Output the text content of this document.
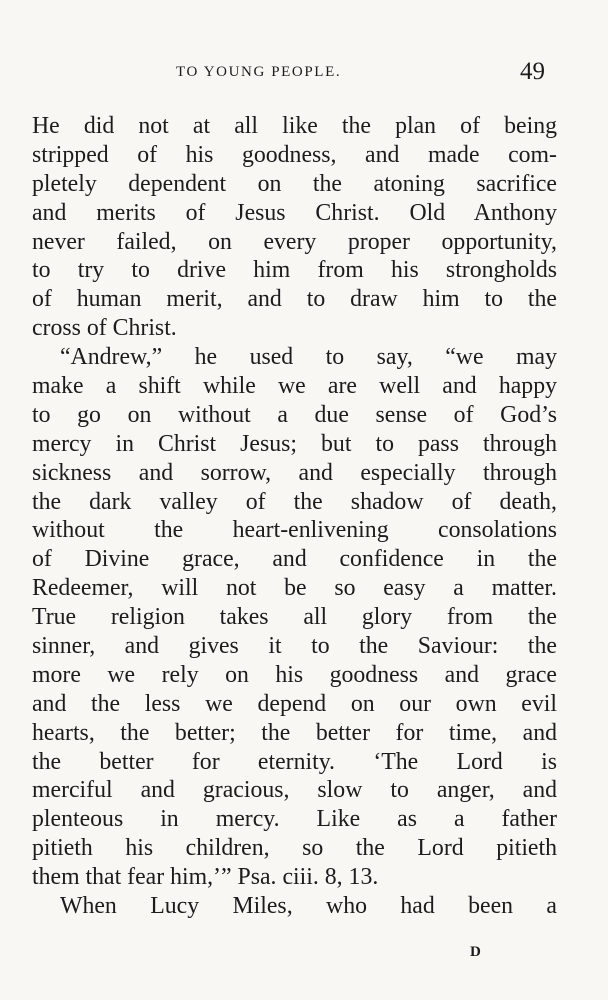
TO YOUNG PEOPLE.	49
He did not at all like the plan of being
stripped of his goodness, and made com-
pletely dependent on the atoning sacrifice
and merits of Jesus Christ. Old Anthony
never failed, on every proper opportunity,
to try to drive him from his strongholds
of human merit, and to draw him to the
cross of Christ.
“Andrew,” he used to say, “we may
make a shift while we are well and happy
to go on without a due sense of God’s
mercy in Christ Jesus; but to pass through
sickness and sorrow, and especially through
the dark valley of the shadow of death,
without the heart-enlivening consolations
of Divine grace, and confidence in the
Redeemer, will not be so easy a matter.
True religion takes all glory from the
sinner, and gives it to the Saviour: the
more we rely on his goodness and grace
and the less we depend on our own evil
hearts, the better; the better for time, and
the better for eternity. ‘The Lord is
merciful and gracious, slow to anger, and
plenteous in mercy. Like as a father
pitieth his children, so the Lord pitieth
them that fear him,’” Psa. ciii. 8, 13.
When Lucy Miles, who had been a
D
